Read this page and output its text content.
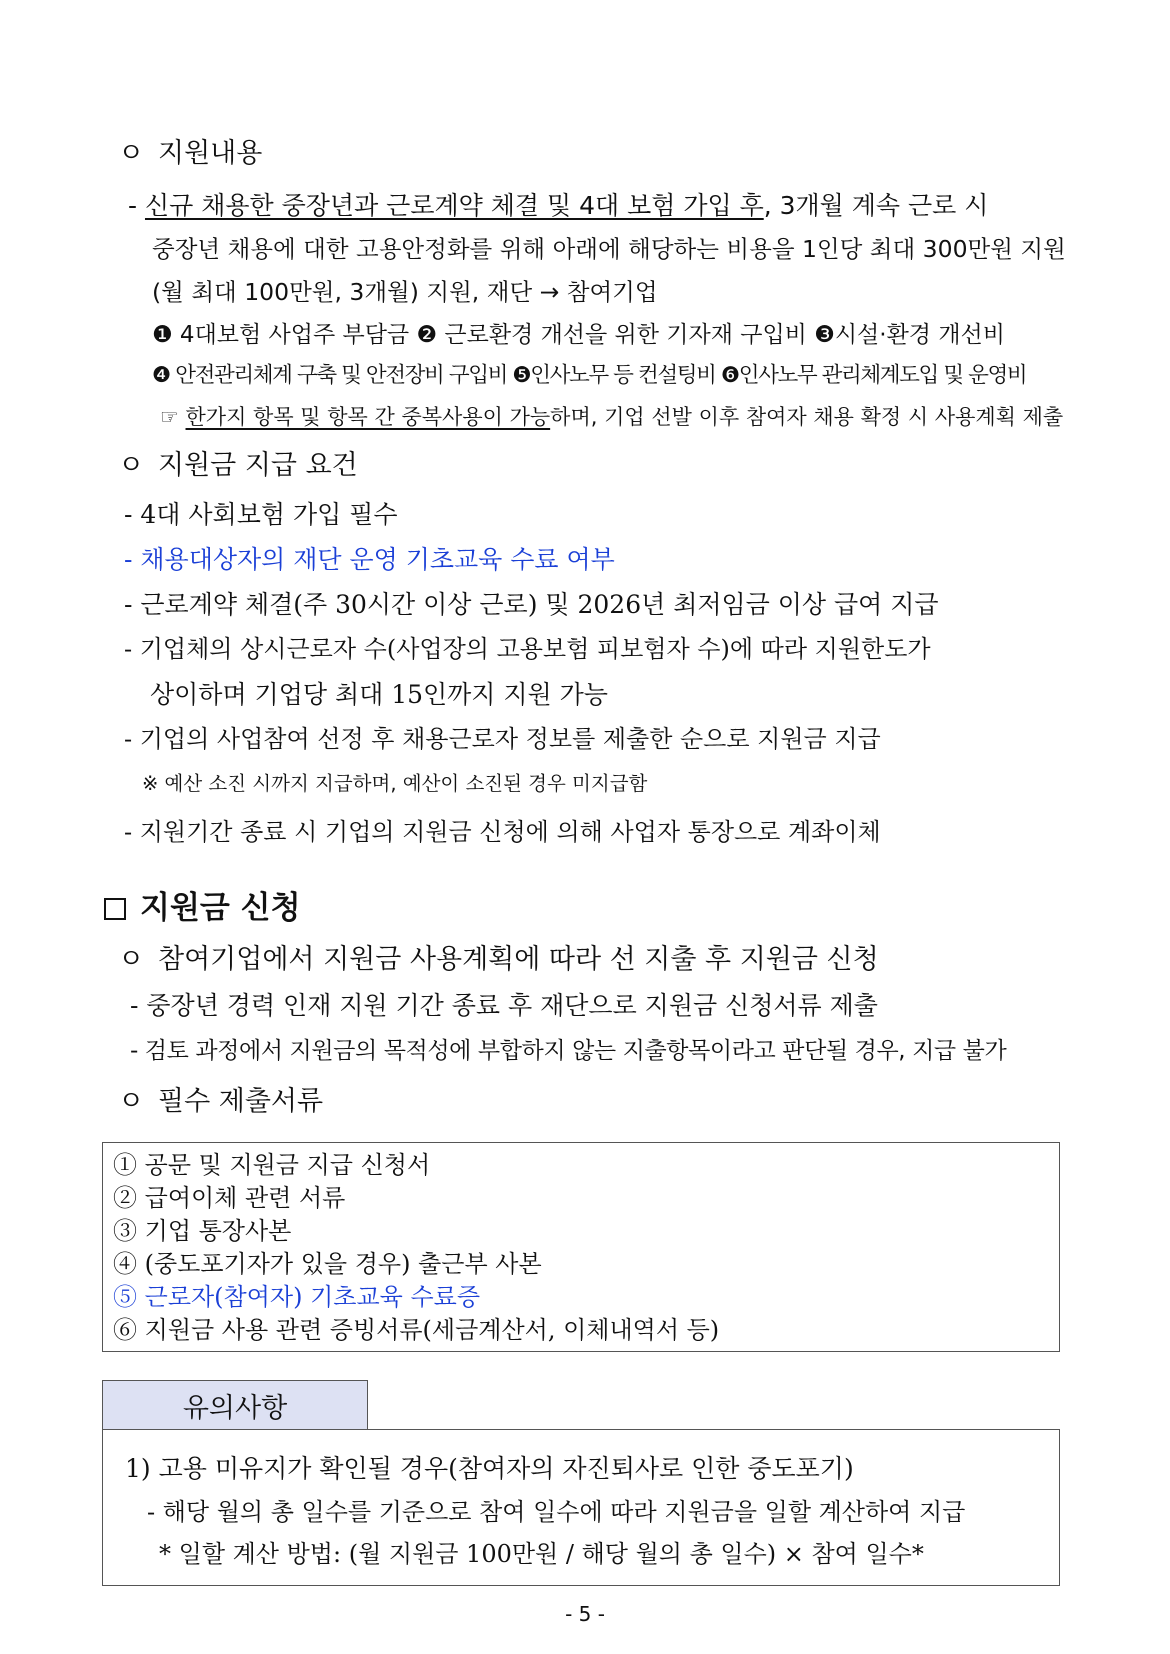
ㅇ 지원내용
- 신규 채용한 중장년과 근로계약 체결 및 4대 보험 가입 후, 3개월 계속 근로 시
중장년 채용에 대한 고용안정화를 위해 아래에 해당하는 비용을 1인당 최대 300만원 지원
(월 최대 100만원, 3개월) 지원, 재단 → 참여기업
❶ 4대보험 사업주 부담금 ❷ 근로환경 개선을 위한 기자재 구입비 ❸시설·환경 개선비
❹ 안전관리체계 구축 및 안전장비 구입비 ❺인사노무 등 컨설팅비 ❻인사노무 관리체계도입 및 운영비
☞ 한가지 항목 및 항목 간 중복사용이 가능하며, 기업 선발 이후 참여자 채용 확정 시 사용계획 제출
ㅇ 지원금 지급 요건
- 4대 사회보험 가입 필수
- 채용대상자의 재단 운영 기초교육 수료 여부
- 근로계약 체결(주 30시간 이상 근로) 및 2026년 최저임금 이상 급여 지급
- 기업체의 상시근로자 수(사업장의 고용보험 피보험자 수)에 따라 지원한도가
상이하며 기업당 최대 15인까지 지원 가능
- 기업의 사업참여 선정 후 채용근로자 정보를 제출한 순으로 지원금 지급
※ 예산 소진 시까지 지급하며, 예산이 소진된 경우 미지급함
- 지원기간 종료 시 기업의 지원금 신청에 의해 사업자 통장으로 계좌이체
지원금 신청
ㅇ 참여기업에서 지원금 사용계획에 따라 선 지출 후 지원금 신청
- 중장년 경력 인재 지원 기간 종료 후 재단으로 지원금 신청서류 제출
- 검토 과정에서 지원금의 목적성에 부합하지 않는 지출항목이라고 판단될 경우, 지급 불가
ㅇ 필수 제출서류
① 공문 및 지원금 지급 신청서
② 급여이체 관련 서류
③ 기업 통장사본
④ (중도포기자가 있을 경우) 출근부 사본
⑤ 근로자(참여자) 기초교육 수료증
⑥ 지원금 사용 관련 증빙서류(세금계산서, 이체내역서 등)
유의사항
1) 고용 미유지가 확인될 경우(참여자의 자진퇴사로 인한 중도포기)
- 해당 월의 총 일수를 기준으로 참여 일수에 따라 지원금을 일할 계산하여 지급
* 일할 계산 방법: (월 지원금 100만원 / 해당 월의 총 일수) × 참여 일수*
- 5 -
